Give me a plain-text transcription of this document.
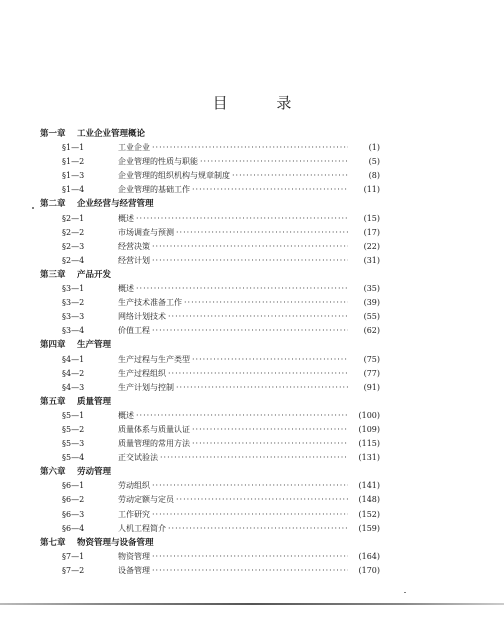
目 录
第一章 工业企业管理概论
§1—1	工业企业 ·····	(1)
§1—2	企业管理的性质与职能 ·····	(5)
§1—3	企业管理的组织机构与规章制度 ·····	(8)
§1—4	企业管理的基础工作 ·····	(11)
第二章 企业经营与经营管理
§2—1	概述 ·····	(15)
§2—2	市场调查与预测 ·····	(17)
§2—3	经营决策 ·····	(22)
§2—4	经营计划 ·····	(31)
第三章 产品开发
§3—1	概述 ·····	(35)
§3—2	生产技术准备工作 ·····	(39)
§3—3	网络计划技术 ·····	(55)
§3—4	价值工程 ·····	(62)
第四章 生产管理
§4—1	生产过程与生产类型 ·····	(75)
§4—2	生产过程组织 ·····	(77)
§4—3	生产计划与控制 ·····	(91)
第五章 质量管理
§5—1	概述 ·····	(100)
§5—2	质量体系与质量认证 ·····	(109)
§5—3	质量管理的常用方法 ·····	(115)
§5—4	正交试验法 ·····	(131)
第六章 劳动管理
§6—1	劳动组织 ·····	(141)
§6—2	劳动定额与定员 ·····	(148)
§6—3	工作研究 ·····	(152)
§6—4	人机工程简介 ·····	(159)
第七章 物资管理与设备管理
§7—1	物资管理 ·····	(164)
§7—2	设备管理 ·····	(170)
